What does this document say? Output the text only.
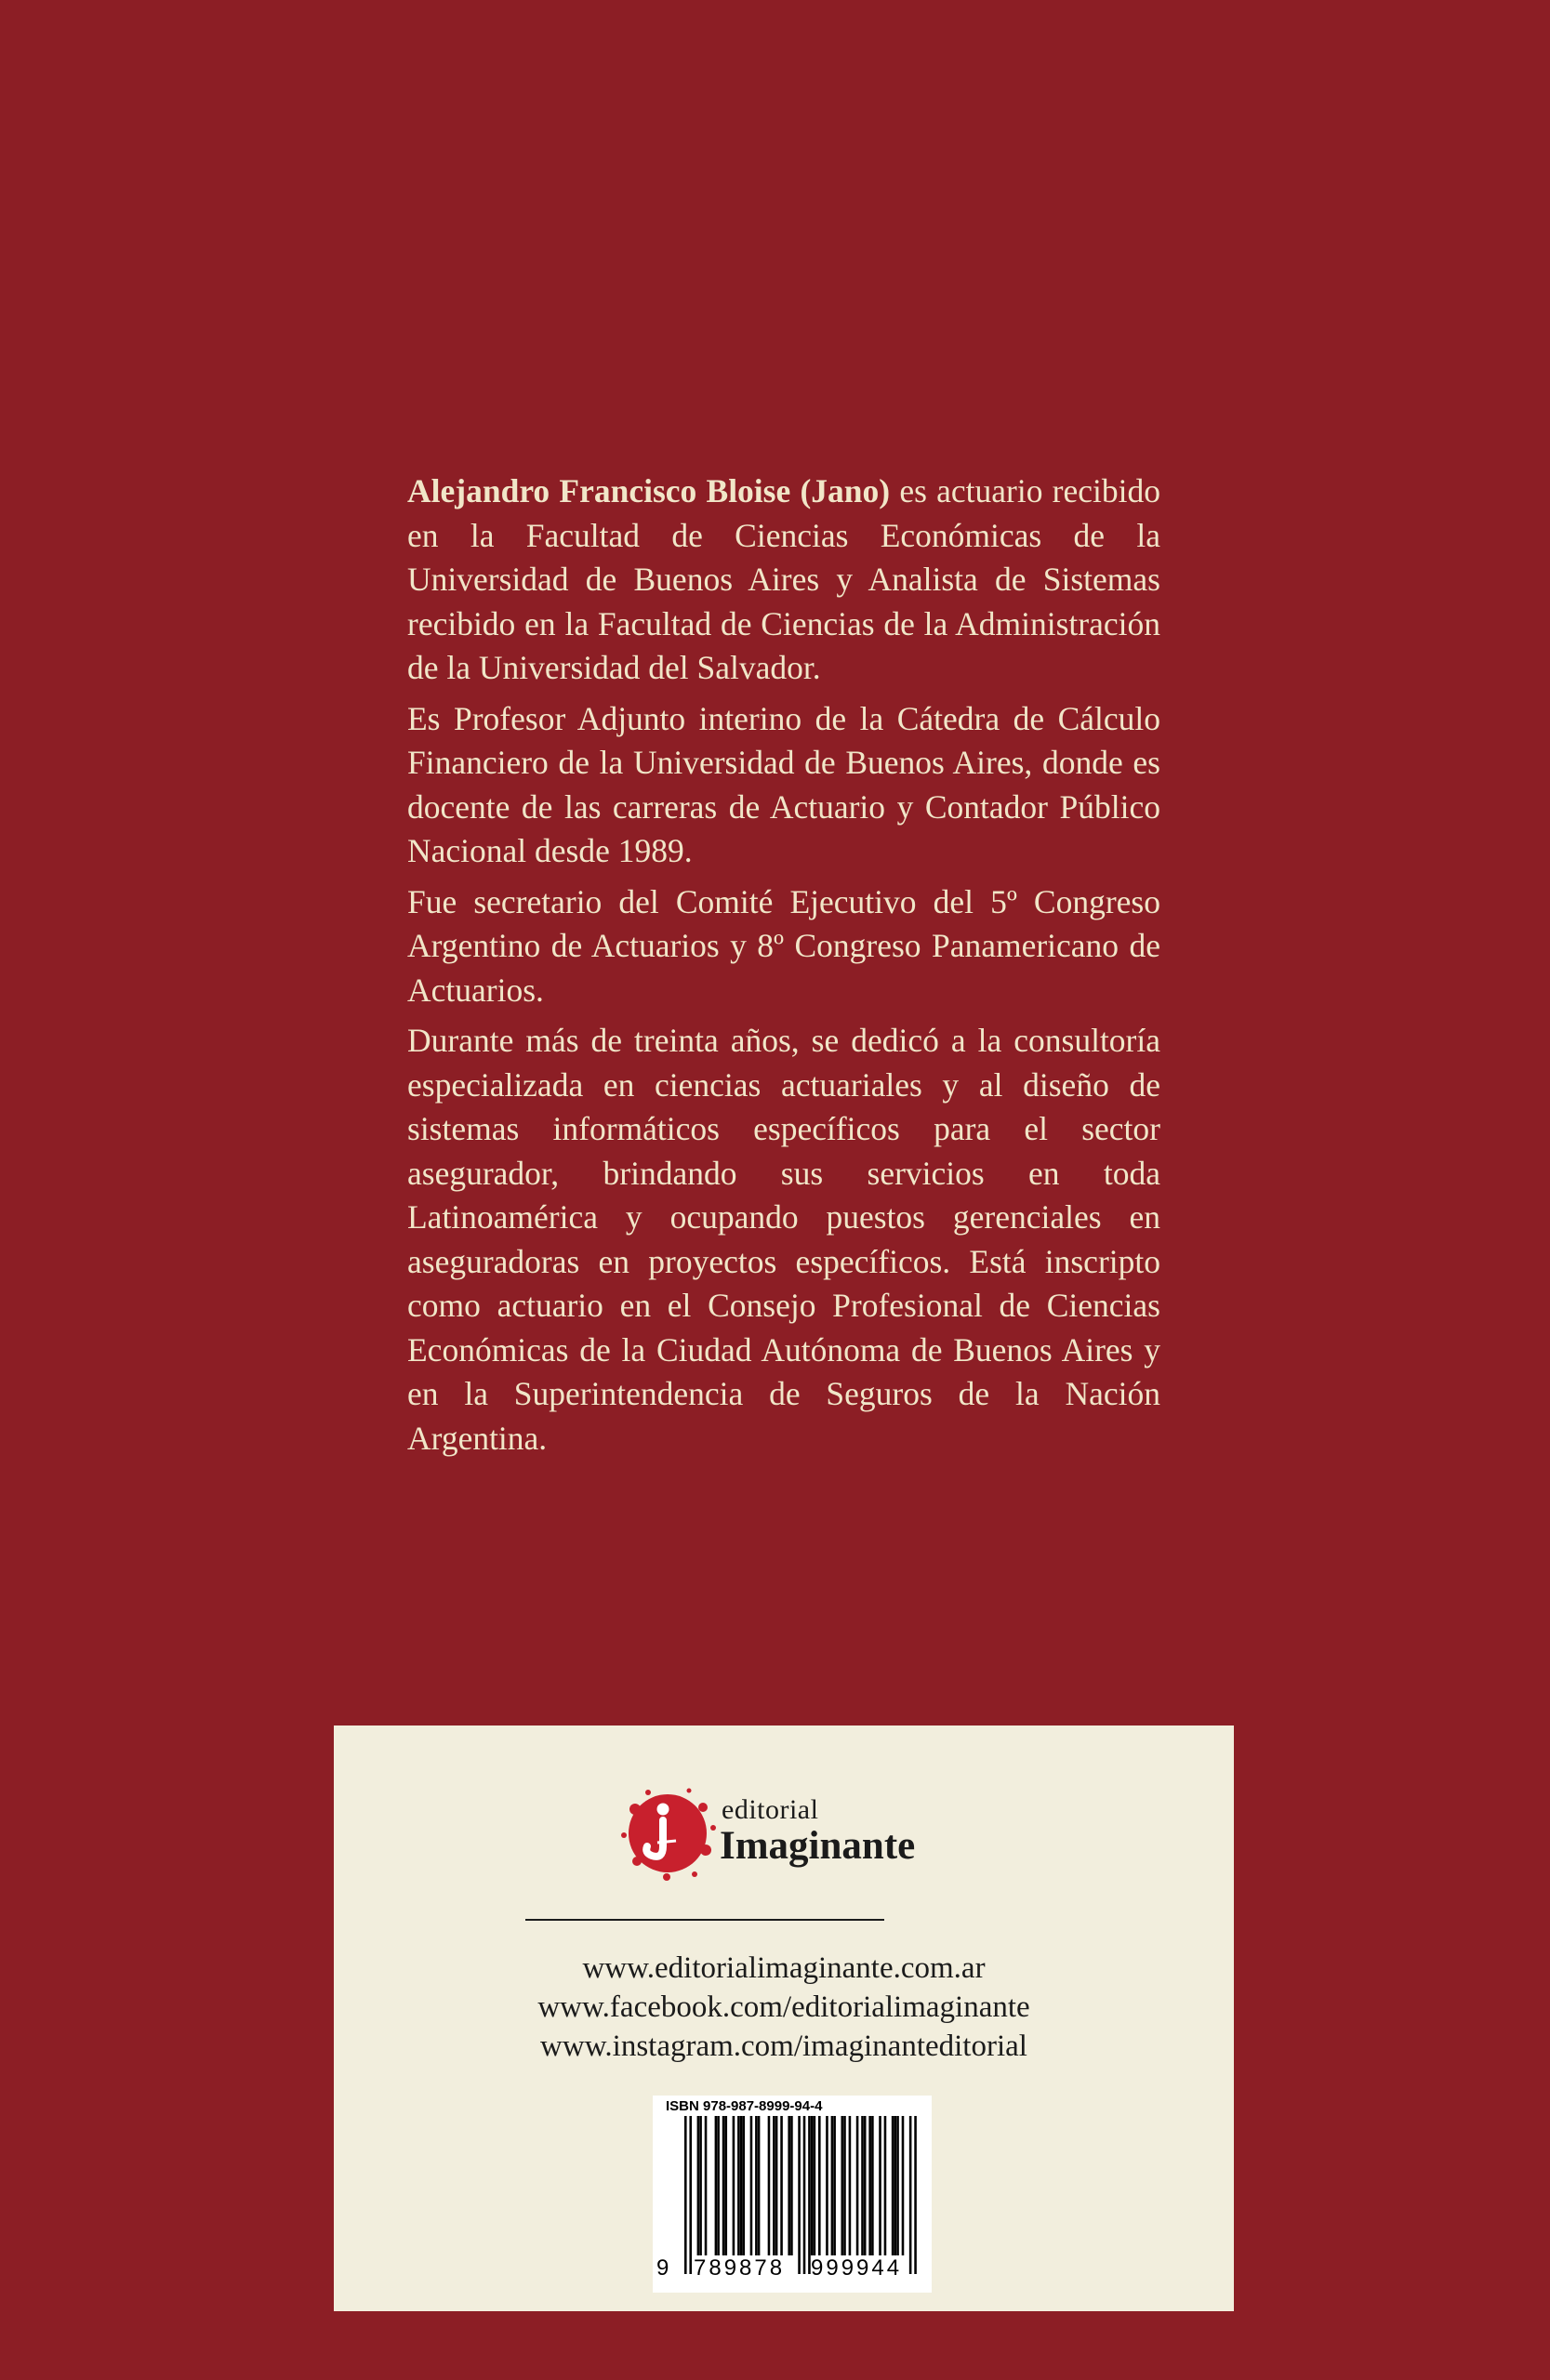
Alejandro Francisco Bloise (Jano) es actuario recibido en la Facultad de Ciencias Económicas de la Universidad de Buenos Aires y Analista de Sistemas recibido en la Facultad de Ciencias de la Administración de la Universidad del Salvador.

Es Profesor Adjunto interino de la Cátedra de Cálculo Financiero de la Universidad de Buenos Aires, donde es docente de las carreras de Actuario y Contador Público Nacional desde 1989.

Fue secretario del Comité Ejecutivo del 5º Congreso Argentino de Actuarios y 8º Congreso Panamericano de Actuarios.

Durante más de treinta años, se dedicó a la consultoría especializada en ciencias actuariales y al diseño de sistemas informáticos específicos para el sector asegurador, brindando sus servicios en toda Latinoamérica y ocupando puestos gerenciales en aseguradoras en proyectos específicos. Está inscripto como actuario en el Consejo Profesional de Ciencias Económicas de la Ciudad Autónoma de Buenos Aires y en la Superintendencia de Seguros de la Nación Argentina.

editorial
Imaginante
www.editorialimaginante.com.ar
www.facebook.com/editorialimaginante
www.instagram.com/imaginanteditorial
ISBN 978-987-8999-94-4
9 789878 999944
